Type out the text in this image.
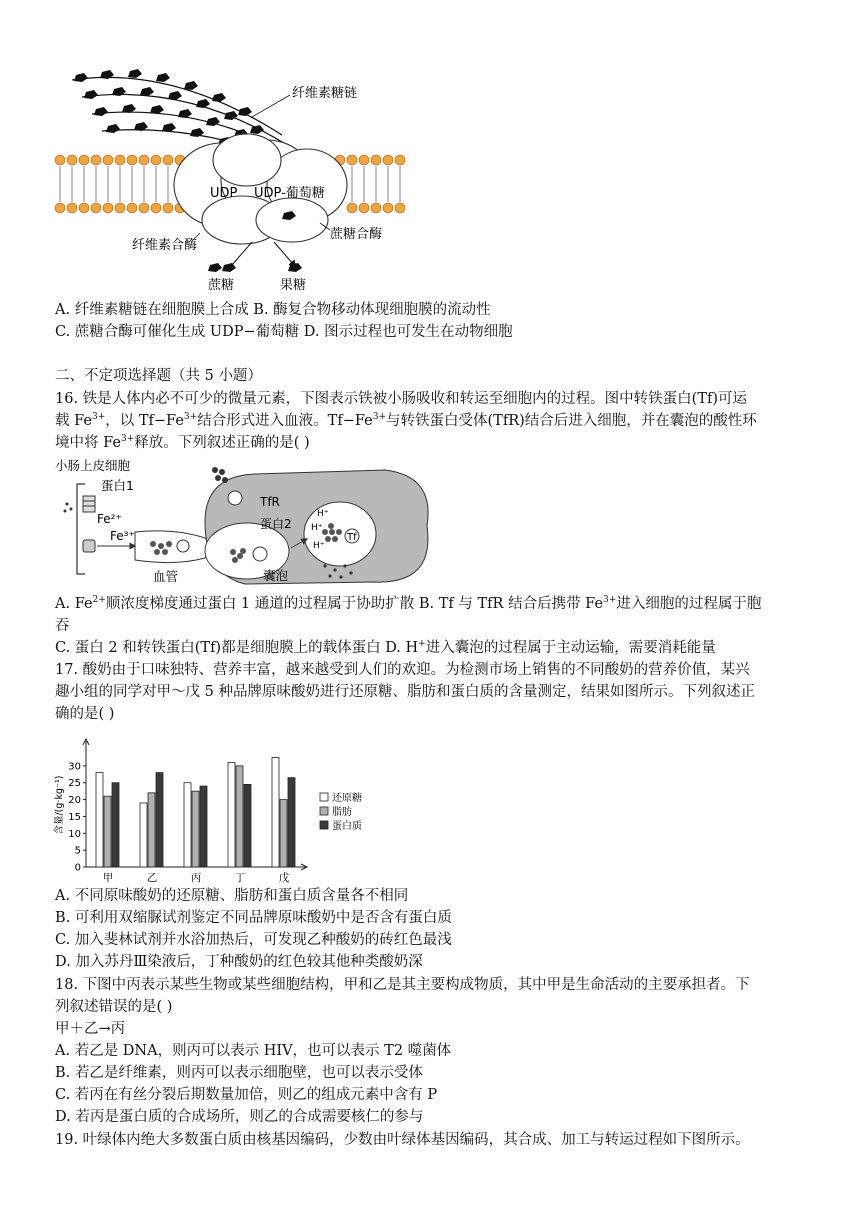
纤维素糖链
UDP UDP-葡萄糖
蔗糖合酶
纤维素合酶
蔗糖	果糖
A. 纤维素糖链在细胞膜上合成 B. 酶复合物移动体现细胞膜的流动性
C. 蔗糖合酶可催化生成 UDP−葡萄糖 D. 图示过程也可发生在动物细胞
二、不定项选择题（共 5 小题）
16. 铁是人体内必不可少的微量元素，下图表示铁被小肠吸收和转运至细胞内的过程。图中转铁蛋白(Tf)可运
载 $Fe^{3+}$，以 $Tf-Fe^{3+}$结合形式进入血液。$Tf-Fe^{3+}$与转铁蛋白受体(TfR)结合后进入细胞，并在囊泡的酸性环
境中将 $Fe^{3+}$释放。下列叙述正确的是( )
小肠上皮细胞
蛋白1
Fe²⁺
Fe³⁺
血管
TfR
蛋白2
囊泡
Tf
H⁺
H⁺
H⁺
A. $Fe^{2+}$顺浓度梯度通过蛋白 1 通道的过程属于协助扩散 B. Tf 与 TfR 结合后携带 $Fe^{3+}$进入细胞的过程属于胞
吞
C. 蛋白 2 和转铁蛋白(Tf)都是细胞膜上的载体蛋白 D. H+进入囊泡的过程属于主动运输，需要消耗能量
17. 酸奶由于口味独特、营养丰富，越来越受到人们的欢迎。为检测市场上销售的不同酸奶的营养价值，某兴
趣小组的同学对甲～戊 5 种品牌原味酸奶进行还原糖、脂肪和蛋白质的含量测定，结果如图所示。下列叙述正
确的是( )
0
5
10
15
20
25
30
含量/(g·kg⁻¹)
甲	乙	丙	丁	戊
还原糖
脂肪
蛋白质
A. 不同原味酸奶的还原糖、脂肪和蛋白质含量各不相同
B. 可利用双缩脲试剂鉴定不同品牌原味酸奶中是否含有蛋白质
C. 加入斐林试剂并水浴加热后，可发现乙种酸奶的砖红色最浅
D. 加入苏丹Ⅲ染液后，丁种酸奶的红色较其他种类酸奶深
18. 下图中丙表示某些生物或某些细胞结构，甲和乙是其主要构成物质，其中甲是生命活动的主要承担者。下
列叙述错误的是( )
甲＋乙→丙
A. 若乙是 DNA，则丙可以表示 HIV，也可以表示 T2 噬菌体
B. 若乙是纤维素，则丙可以表示细胞壁，也可以表示受体
C. 若丙在有丝分裂后期数量加倍，则乙的组成元素中含有 P
D. 若丙是蛋白质的合成场所，则乙的合成需要核仁的参与
19. 叶绿体内绝大多数蛋白质由核基因编码，少数由叶绿体基因编码，其合成、加工与转运过程如下图所示。
